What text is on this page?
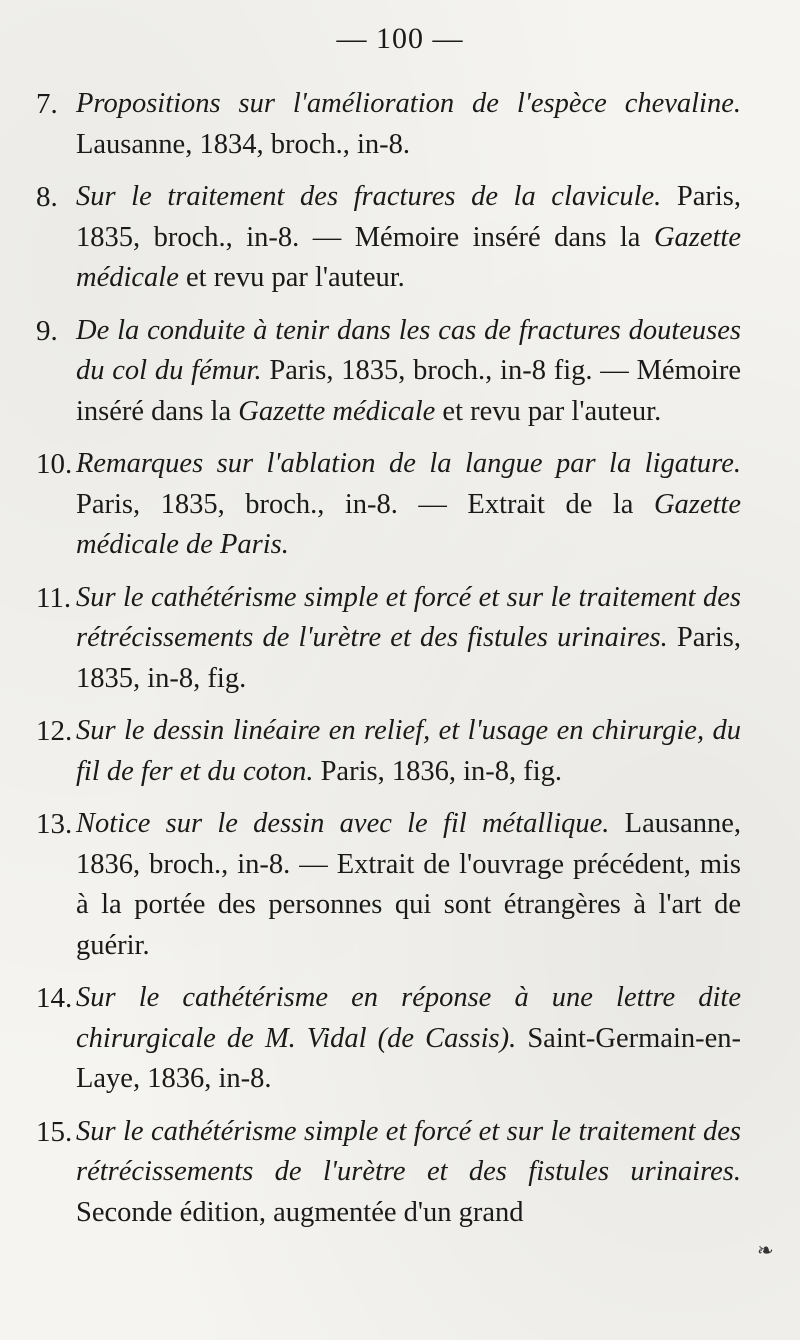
— 100 —
7. Propositions sur l'amélioration de l'espèce chevaline. Lausanne, 1834, broch., in-8.
8. Sur le traitement des fractures de la clavicule. Paris, 1835, broch., in-8. — Mémoire inséré dans la Gazette médicale et revu par l'auteur.
9. De la conduite à tenir dans les cas de fractures douteuses du col du fémur. Paris, 1835, broch., in-8 fig. — Mémoire inséré dans la Gazette médicale et revu par l'auteur.
10. Remarques sur l'ablation de la langue par la ligature. Paris, 1835, broch., in-8. — Extrait de la Gazette médicale de Paris.
11. Sur le cathétérisme simple et forcé et sur le traitement des rétrécissements de l'urètre et des fistules urinaires. Paris, 1835, in-8, fig.
12. Sur le dessin linéaire en relief, et l'usage en chirurgie, du fil de fer et du coton. Paris, 1836, in-8, fig.
13. Notice sur le dessin avec le fil métallique. Lausanne, 1836, broch., in-8. — Extrait de l'ouvrage précédent, mis à la portée des personnes qui sont étrangères à l'art de guérir.
14. Sur le cathétérisme en réponse à une lettre dite chirurgicale de M. Vidal (de Cassis). Saint-Germain-en-Laye, 1836, in-8.
15. Sur le cathétérisme simple et forcé et sur le traitement des rétrécissements de l'urètre et des fistules urinaires. Seconde édition, augmentée d'un grand
❧
